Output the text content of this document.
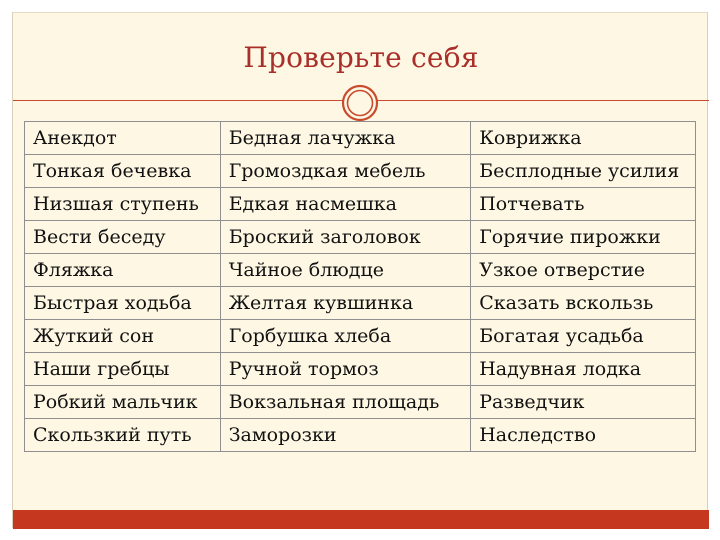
Проверьте себя
Анекдот	Бедная лачужка	Коврижка
Тонкая бечевка	Громоздкая мебель	Бесплодные усилия
Низшая ступень	Едкая насмешка	Потчевать
Вести беседу	Броский заголовок	Горячие пирожки
Фляжка	Чайное блюдце	Узкое отверстие
Быстрая ходьба	Желтая кувшинка	Сказать вскользь
Жуткий сон	Горбушка хлеба	Богатая усадьба
Наши гребцы	Ручной тормоз	Надувная лодка
Робкий мальчик	Вокзальная площадь	Разведчик
Скользкий путь	Заморозки	Наследство
